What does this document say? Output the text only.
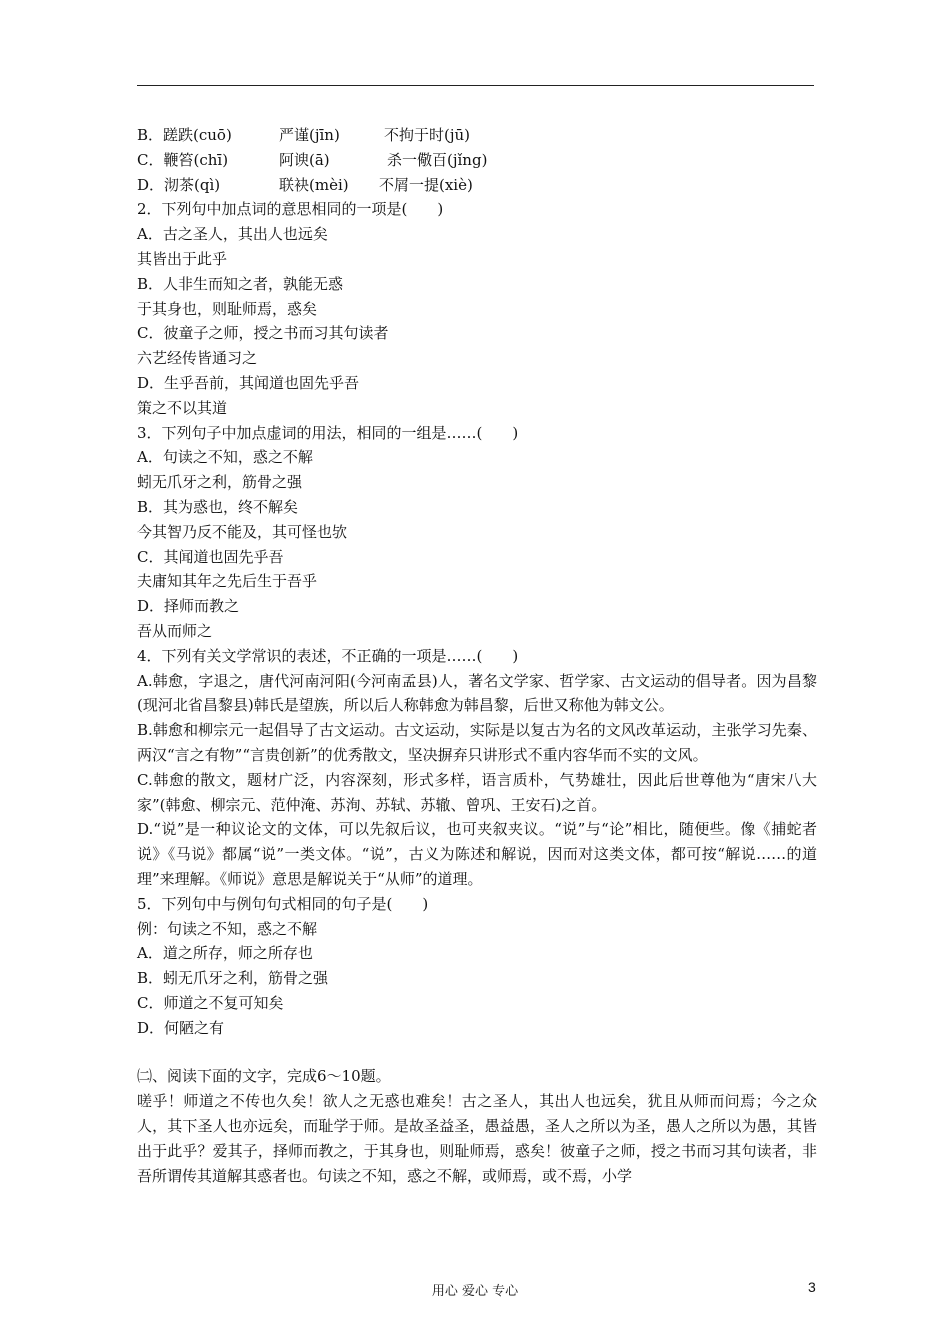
B．蹉跌(cuō)	严谨(jīn)	不拘于时(jū)
C．鞭笞(chī)	阿谀(ā)	杀一儆百(jǐng)
D．沏茶(qì)	联袂(mèi)	不屑一提(xiè)
2．下列句中加点词的意思相同的一项是(　　)
A．古之圣人，其出人也远矣
其皆出于此乎
B．人非生而知之者，孰能无惑
于其身也，则耻师焉，惑矣
C．彼童子之师，授之书而习其句读者
六艺经传皆通习之
D．生乎吾前，其闻道也固先乎吾
策之不以其道
3．下列句子中加点虚词的用法，相同的一组是……(　　)
A．句读之不知，惑之不解
蚓无爪牙之利，筋骨之强
B．其为惑也，终不解矣
今其智乃反不能及，其可怪也欤
C．其闻道也固先乎吾
夫庸知其年之先后生于吾乎
D．择师而教之
吾从而师之
4．下列有关文学常识的表述，不正确的一项是……(　　)
A.韩愈，字退之，唐代河南河阳(今河南孟县)人，著名文学家、哲学家、古文运动的倡导者。因为昌黎(现河北省昌黎县)韩氏是望族，所以后人称韩愈为韩昌黎，后世又称他为韩文公。
B.韩愈和柳宗元一起倡导了古文运动。古文运动，实际是以复古为名的文风改革运动，主张学习先秦、两汉“言之有物”“言贵创新”的优秀散文，坚决摒弃只讲形式不重内容华而不实的文风。
C.韩愈的散文，题材广泛，内容深刻，形式多样，语言质朴，气势雄壮，因此后世尊他为“唐宋八大家”(韩愈、柳宗元、范仲淹、苏洵、苏轼、苏辙、曾巩、王安石)之首。
D.“说”是一种议论文的文体，可以先叙后议，也可夹叙夹议。“说”与“论”相比，随便些。像《捕蛇者说》《马说》都属“说”一类文体。“说”，古义为陈述和解说，因而对这类文体，都可按“解说……的道理”来理解。《师说》意思是解说关于“从师”的道理。
5．下列句中与例句句式相同的句子是(　　)
例：句读之不知，惑之不解
A．道之所存，师之所存也
B．蚓无爪牙之利，筋骨之强
C．师道之不复可知矣
D．何陋之有
㈡、阅读下面的文字，完成6～10题。
嗟乎！师道之不传也久矣！欲人之无惑也难矣！古之圣人，其出人也远矣，犹且从师而问焉；今之众人，其下圣人也亦远矣，而耻学于师。是故圣益圣，愚益愚，圣人之所以为圣，愚人之所以为愚，其皆出于此乎？爱其子，择师而教之，于其身也，则耻师焉，惑矣！彼童子之师，授之书而习其句读者，非吾所谓传其道解其惑者也。句读之不知，惑之不解，或师焉，或不焉，小学
用心 爱心 专心	3
